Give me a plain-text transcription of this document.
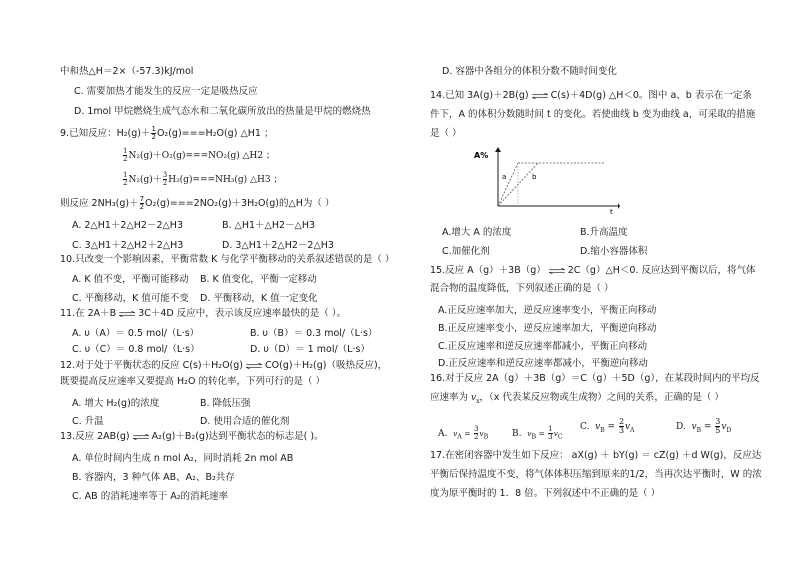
中和热△H＝2×（-57.3)kJ/mol
C. 需要加热才能发生的反应一定是吸热反应
D. 1mol 甲烷燃烧生成气态水和二氧化碳所放出的热量是甲烷的燃烧热
9.已知反应：$H_2(g)+ \frac{1}{2} O_2(g)===H_2O(g)$ △H1 ；
$\frac{1}{2} N_2(g)+O_2(g)===NO_2(g)$ △H2 ；
$\frac{1}{2} N_2(g)+ \frac{3}{2} H_2(g)===NH_3(g)$ △H3 ；
则反应 $2NH_3(g)+ \frac{7}{2} O_2(g)===2NO_2(g)+3H_2O(g)$的△H为（ ）
A. 2△H1＋2△H2－2△H3	B. △H1＋△H2－△H3
C. 3△H1＋2△H2＋2△H3	D. 3△H1＋2△H2－2△H3
10.只改变一个影响因素，平衡常数 K 与化学平衡移动的关系叙述错误的是（ ）
A. K 值不变，平衡可能移动 B. K 值变化，平衡一定移动
C. 平衡移动，K 值可能不变 D. 平衡移动，K 值一定变化
11.在 2A＋B 3C＋4D 反应中，表示该反应速率最快的是（ ）。
A. υ（A）＝ 0.5 mol/（L·s）	B. υ（B）＝ 0.3 mol/（L·s）
C. υ（C）＝ 0.8 mol/（L·s）	D. υ（D）＝ 1 mol/（L·s）
12.对于处于平衡状态的反应 C(s)＋H₂O(g) CO(g)＋H₂(g)（吸热反应)，
既要提高反应速率又要提高 H₂O 的转化率，下列可行的是（ ）
A. 增大 H₂(g)的浓度	B. 降低压强
C. 升温	D. 使用合适的催化剂
13.反应 2AB(g) A₂(g)＋B₂(g)达到平衡状态的标志是( )。
A. 单位时间内生成 n mol A₂，同时消耗 2n mol AB
B. 容器内，3 种气体 AB、A₂、B₂共存
C. AB 的消耗速率等于 A₂的消耗速率
D. 容器中各组分的体积分数不随时间变化
14.已知 3A(g)＋2B(g) C(s)＋4D(g) △H＜0。图中 a、b 表示在一定条
件下，A 的体积分数随时间 t 的变化。若使曲线 b 变为曲线 a，可采取的措施
是（ ）
A%
t
a	b
A.增大 A 的浓度	B.升高温度
C.加催化剂	D.缩小容器体积
15.反应 A（g）＋3B（g） 2C（g）△H＜0. 反应达到平衡以后，将气体
混合物的温度降低，下列叙述正确的是（ ）
A.正反应速率加大，逆反应速率变小，平衡正向移动
B.正反应速率变小，逆反应速率加大，平衡逆向移动
C.正反应速率和逆反应速率都减小，平衡正向移动
D.正反应速率和逆反应速率都减小，平衡逆向移动
16.对于反应 2A（g）＋3B（g）＝C（g）＋5D（g），在某段时间内的平均反
应速率为 $v_x$，（x 代表某反应物或生成物）之间的关系，正确的是（ ）
A. $v_A = \frac{3}{2} v_B$	B. $v_B = \frac{1}{3} v_C$
C. $v_B = \frac{2}{3} v_A$	D. $v_B = \frac{3}{5} v_D$
17.在密闭容器中发生如下反应： aX(g) ＋ bY(g) ＝ cZ(g) ＋d W(g)，反应达
平衡后保持温度不变，将气体体积压缩到原来的1/2，当再次达平衡时，W 的浓
度为原平衡时的 1．8 倍。下列叙述中不正确的是（ ）
